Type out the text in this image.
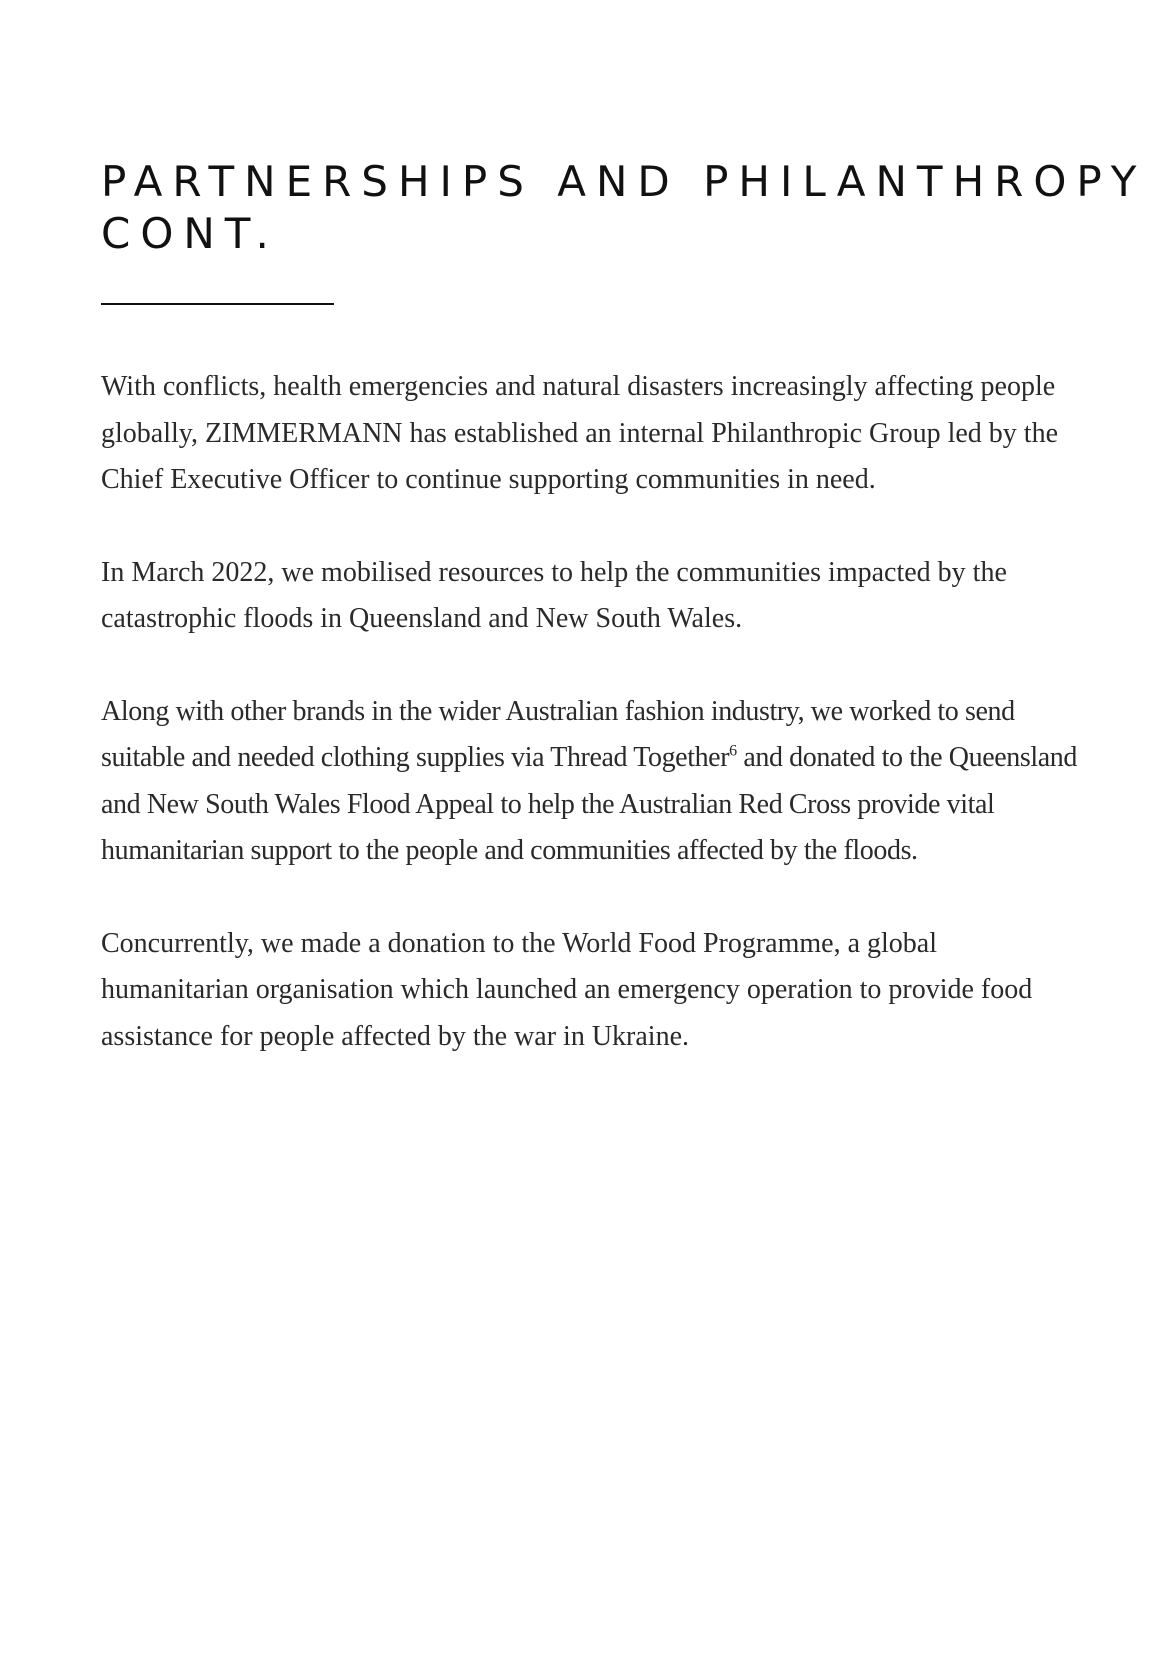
PARTNERSHIPS AND PHILANTHROPY
CONT.

With conflicts, health emergencies and natural disasters increasingly affecting people globally, ZIMMERMANN has established an internal Philanthropic Group led by the Chief Executive Officer to continue supporting communities in need.

In March 2022, we mobilised resources to help the communities impacted by the catastrophic floods in Queensland and New South Wales.

Along with other brands in the wider Australian fashion industry, we worked to send suitable and needed clothing supplies via Thread Together$^6$ and donated to the Queensland and New South Wales Flood Appeal to help the Australian Red Cross provide vital humanitarian support to the people and communities affected by the floods.

Concurrently, we made a donation to the World Food Programme, a global humanitarian organisation which launched an emergency operation to provide food assistance for people affected by the war in Ukraine.
